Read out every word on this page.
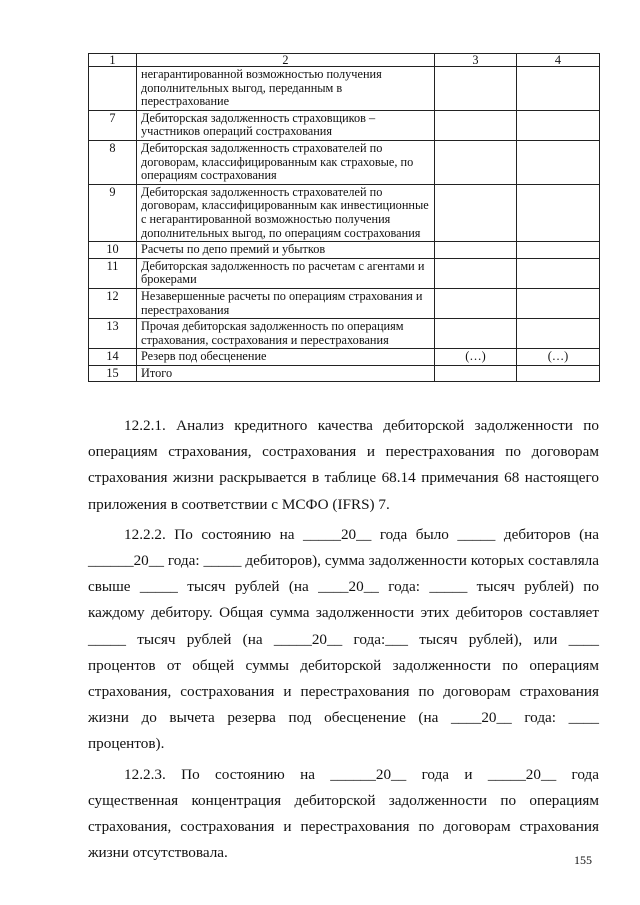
1	2	3	4
	негарантированной возможностью получения дополнительных выгод, переданным в перестрахование		
7	Дебиторская задолженность страховщиков – участников операций сострахования		
8	Дебиторская задолженность страхователей по договорам, классифицированным как страховые, по операциям сострахования		
9	Дебиторская задолженность страхователей по договорам, классифицированным как инвестиционные с негарантированной возможностью получения дополнительных выгод, по операциям сострахования		
10	Расчеты по депо премий и убытков		
11	Дебиторская задолженность по расчетам с агентами и брокерами		
12	Незавершенные расчеты по операциям страхования и перестрахования		
13	Прочая дебиторская задолженность по операциям страхования, сострахования и перестрахования		
14	Резерв под обесценение	(…)	(…)
15	Итого		

12.2.1. Анализ кредитного качества дебиторской задолженности по операциям страхования, сострахования и перестрахования по договорам страхования жизни раскрывается в таблице 68.14 примечания 68 настоящего приложения в соответствии с МСФО (IFRS) 7.

12.2.2. По состоянию на _____20__ года было _____ дебиторов (на ______20__ года: _____ дебиторов), сумма задолженности которых составляла свыше _____ тысяч рублей (на ____20__ года: _____ тысяч рублей) по каждому дебитору. Общая сумма задолженности этих дебиторов составляет _____ тысяч рублей (на _____20__ года:___ тысяч рублей), или ____ процентов от общей суммы дебиторской задолженности по операциям страхования, сострахования и перестрахования по договорам страхования жизни до вычета резерва под обесценение (на ____20__ года: ____ процентов).

12.2.3. По состоянию на ______20__ года и _____20__ года существенная концентрация дебиторской задолженности по операциям страхования, сострахования и перестрахования по договорам страхования жизни отсутствовала.	155
